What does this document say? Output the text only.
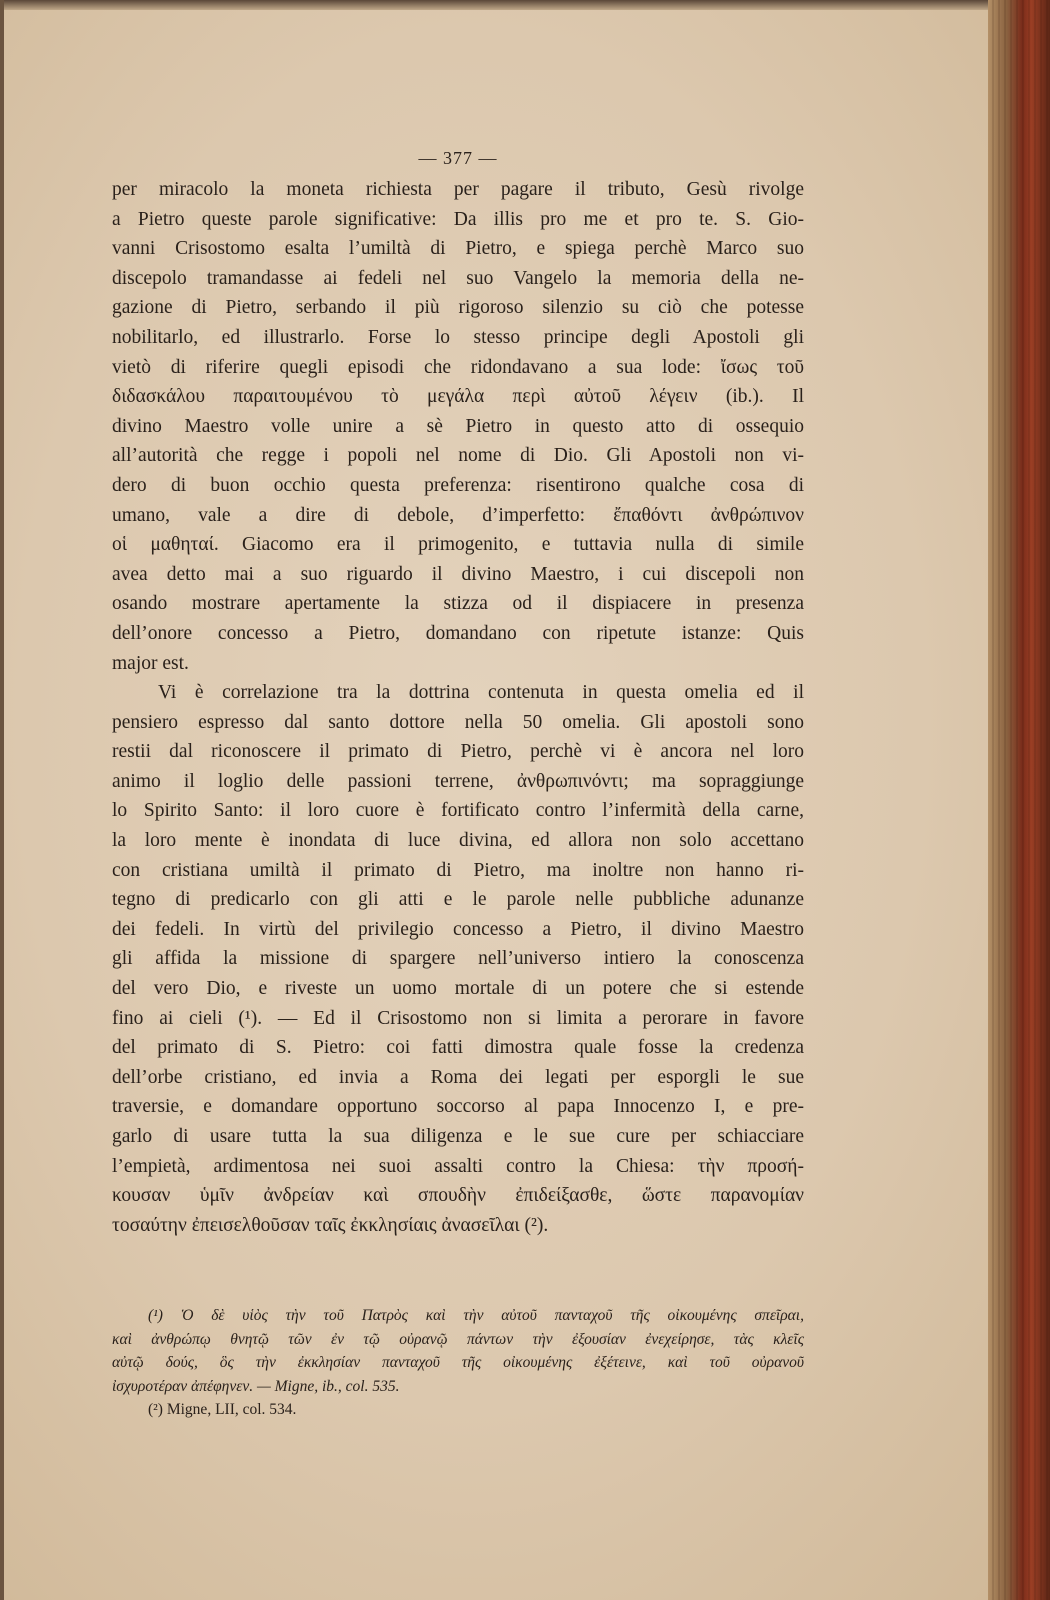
— 377 —
per miracolo la moneta richiesta per pagare il tributo, Gesù rivolge
a Pietro queste parole significative: Da illis pro me et pro te. S. Gio-
vanni Crisostomo esalta l’umiltà di Pietro, e spiega perchè Marco suo
discepolo tramandasse ai fedeli nel suo Vangelo la memoria della ne-
gazione di Pietro, serbando il più rigoroso silenzio su ciò che potesse
nobilitarlo, ed illustrarlo. Forse lo stesso principe degli Apostoli gli
vietò di riferire quegli episodi che ridondavano a sua lode: ἴσως τοῦ
διδασκάλου παραιτουμένου τὸ μεγάλα περὶ αὐτοῦ λέγειν (ib.). Il
divino Maestro volle unire a sè Pietro in questo atto di ossequio
all’autorità che regge i popoli nel nome di Dio. Gli Apostoli non vi-
dero di buon occhio questa preferenza: risentirono qualche cosa di
umano, vale a dire di debole, d’imperfetto: ἔπαθόντι ἀνθρώπινον
οἱ μαθηταί. Giacomo era il primogenito, e tuttavia nulla di simile
avea detto mai a suo riguardo il divino Maestro, i cui discepoli non
osando mostrare apertamente la stizza od il dispiacere in presenza
dell’onore concesso a Pietro, domandano con ripetute istanze: Quis
major est.
Vi è correlazione tra la dottrina contenuta in questa omelia ed il
pensiero espresso dal santo dottore nella 50 omelia. Gli apostoli sono
restii dal riconoscere il primato di Pietro, perchè vi è ancora nel loro
animo il loglio delle passioni terrene, ἀνθρωπινόντι; ma sopraggiunge
lo Spirito Santo: il loro cuore è fortificato contro l’infermità della carne,
la loro mente è inondata di luce divina, ed allora non solo accettano
con cristiana umiltà il primato di Pietro, ma inoltre non hanno ri-
tegno di predicarlo con gli atti e le parole nelle pubbliche adunanze
dei fedeli. In virtù del privilegio concesso a Pietro, il divino Maestro
gli affida la missione di spargere nell’universo intiero la conoscenza
del vero Dio, e riveste un uomo mortale di un potere che si estende
fino ai cieli (¹). — Ed il Crisostomo non si limita a perorare in favore
del primato di S. Pietro: coi fatti dimostra quale fosse la credenza
dell’orbe cristiano, ed invia a Roma dei legati per esporgli le sue
traversie, e domandare opportuno soccorso al papa Innocenzo I, e pre-
garlo di usare tutta la sua diligenza e le sue cure per schiacciare
l’empietà, ardimentosa nei suoi assalti contro la Chiesa: τὴν προσή-
κουσαν ὑμῖν ἀνδρείαν καὶ σπουδὴν ἐπιδείξασθε, ὥστε παρανομίαν
τοσαύτην ἐπεισελθοῦσαν ταῖς ἐκκλησίαις ἀνασεῖλαι (²).
(¹) Ὁ δὲ υἱὸς τὴν τοῦ Πατρὸς καὶ τὴν αὐτοῦ πανταχοῦ τῆς οἰκουμένης σπεῖραι,
καὶ ἀνθρώπῳ θνητῷ τῶν ἐν τῷ οὐρανῷ πάντων τὴν ἐξουσίαν ἐνεχείρησε, τὰς κλεῖς
αὐτῷ δούς, ὃς τὴν ἐκκλησίαν πανταχοῦ τῆς οἰκουμένης ἐξέτεινε, καὶ τοῦ οὐρανοῦ
ἰσχυροτέραν ἀπέφηνεν. — Migne, ib., col. 535.
(²) Migne, LII, col. 534.
